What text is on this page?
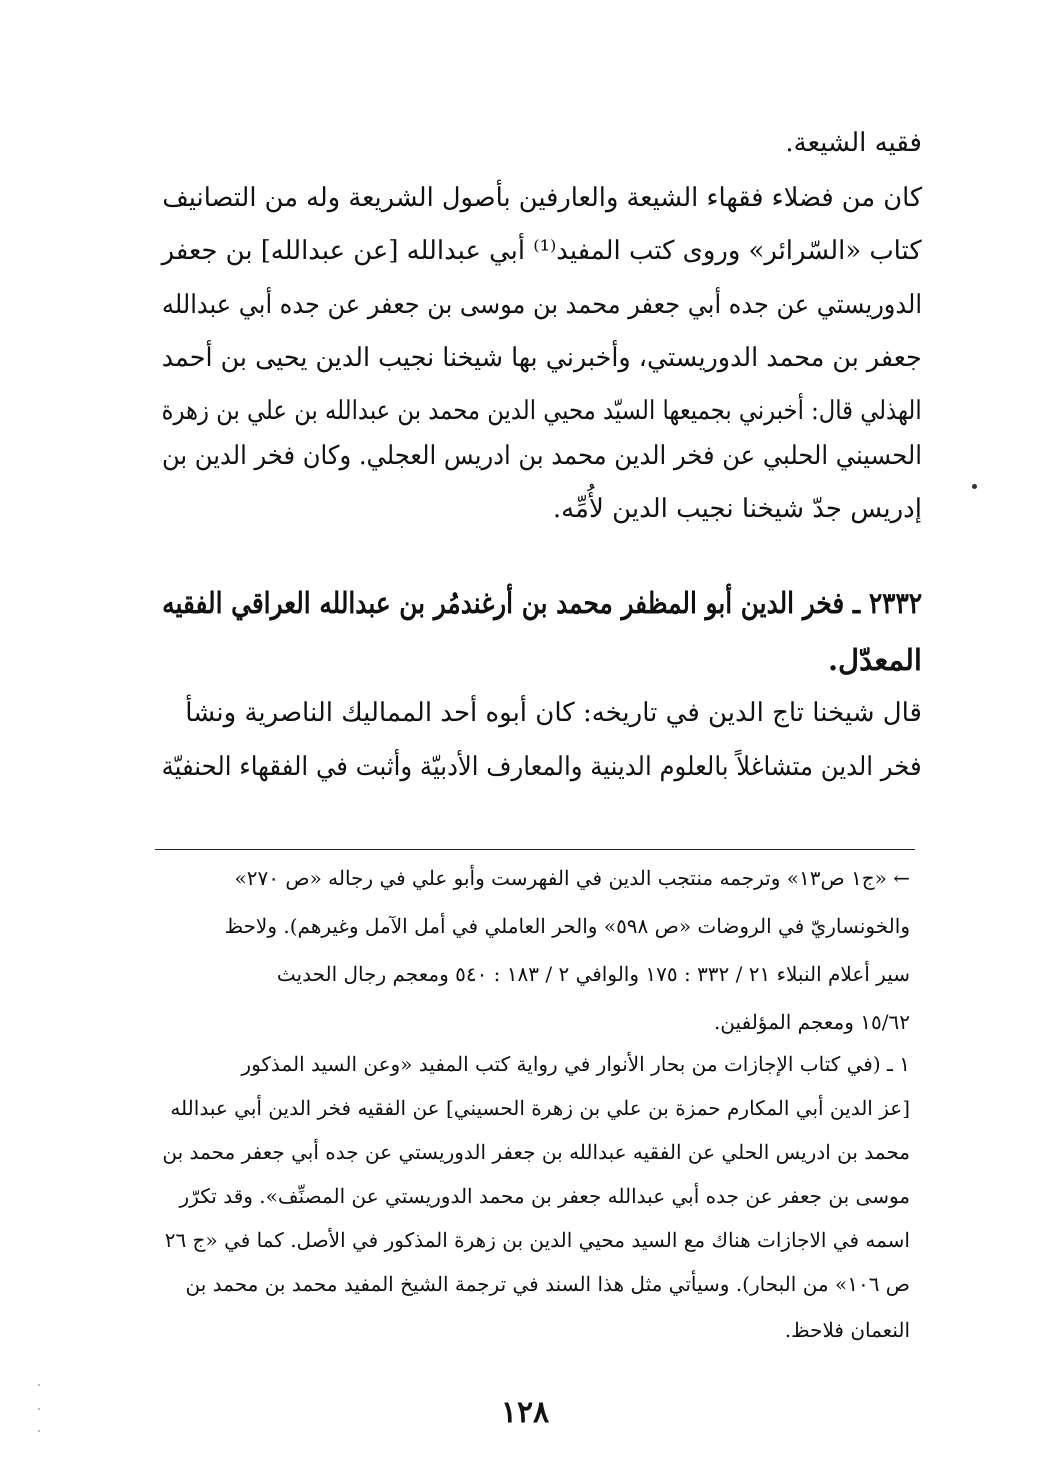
فقيه الشيعة.
كان من فضلاء فقهاء الشيعة والعارفين بأصول الشريعة وله من التصانيف
كتاب «السّرائر» وروى كتب المفيد⁽¹⁾ أبي عبدالله [عن عبدالله] بن جعفر
الدوريستي عن جده أبي جعفر محمد بن موسى بن جعفر عن جده أبي عبدالله
جعفر بن محمد الدوريستي، وأخبرني بها شيخنا نجيب الدين يحيى بن أحمد
الهذلي قال: أخبرني بجميعها السيّد محيي الدين محمد بن عبدالله بن علي بن زهرة
الحسيني الحلبي عن فخر الدين محمد بن ادريس العجلي. وكان فخر الدين بن
إدريس جدّ شيخنا نجيب الدين لأُمِّه.
٢٣٣٢ ـ فخر الدين أبو المظفر محمد بن أرغندمُر بن عبدالله العراقي الفقيه
المعدّل.
قال شيخنا تاج الدين في تاريخه: كان أبوه أحد المماليك الناصرية ونشأ
فخر الدين متشاغلاً بالعلوم الدينية والمعارف الأدبيّة وأثبت في الفقهاء الحنفيّة
← «ج١ ص١٣» وترجمه منتجب الدين في الفهرست وأبو علي في رجاله «ص ٢٧٠»
والخونساريّ في الروضات «ص ٥٩٨» والحر العاملي في أمل الآمل وغيرهم). ولاحظ
سير أعلام النبلاء ٢١ / ٣٣٢ : ١٧٥ والوافي ٢ / ١٨٣ : ٥٤٠ ومعجم رجال الحديث
١٥/٦٢ ومعجم المؤلفين.
١ ـ (في كتاب الإجازات من بحار الأنوار في رواية كتب المفيد «وعن السيد المذكور
[عز الدين أبي المكارم حمزة بن علي بن زهرة الحسيني] عن الفقيه فخر الدين أبي عبدالله
محمد بن ادريس الحلي عن الفقيه عبدالله بن جعفر الدوريستي عن جده أبي جعفر محمد بن
موسى بن جعفر عن جده أبي عبدالله جعفر بن محمد الدوريستي عن المصنِّف». وقد تكرّر
اسمه في الاجازات هناك مع السيد محيي الدين بن زهرة المذكور في الأصل. كما في «ج ٢٦
ص ١٠٦» من البحار). وسيأتي مثل هذا السند في ترجمة الشيخ المفيد محمد بن محمد بن
النعمان فلاحظ.
١٢٨
